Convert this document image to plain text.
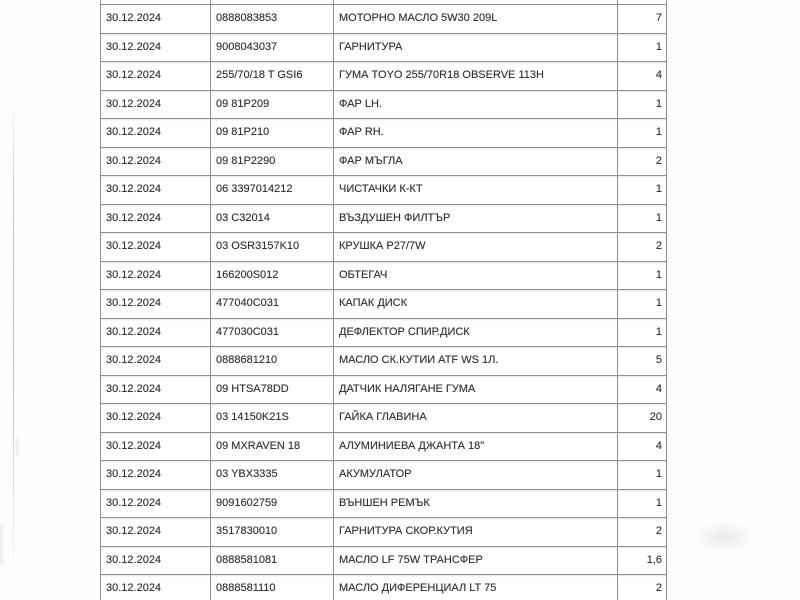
30.12.2024	0888083853	МОТОРНО МАСЛО 5W30 209L	7
30.12.2024	9008043037	ГАРНИТУРА	1
30.12.2024	255/70/18 T GSI6	ГУМА TOYO 255/70R18 OBSERVE 113H	4
30.12.2024	09 81P209	ФАР LH.	1
30.12.2024	09 81P210	ФАР RH.	1
30.12.2024	09 81P2290	ФАР МЪГЛА	2
30.12.2024	06 3397014212	ЧИСТАЧКИ К-КТ	1
30.12.2024	03 C32014	ВЪЗДУШЕН ФИЛТЪР	1
30.12.2024	03 OSR3157K10	КРУШКА P27/7W	2
30.12.2024	166200S012	ОБТЕГАЧ	1
30.12.2024	477040C031	КАПАК ДИСК	1
30.12.2024	477030C031	ДЕФЛЕКТОР СПИР.ДИСК	1
30.12.2024	0888681210	МАСЛО СК.КУТИИ ATF WS 1Л.	5
30.12.2024	09 HTSA78DD	ДАТЧИК НАЛЯГАНЕ ГУМА	4
30.12.2024	03 14150K21S	ГАЙКА ГЛАВИНА	20
30.12.2024	09 MXRAVEN 18	АЛУМИНИЕВА ДЖАНТА 18"	4
30.12.2024	03 YBX3335	АКУМУЛАТОР	1
30.12.2024	9091602759	ВЪНШЕН РЕМЪК	1
30.12.2024	3517830010	ГАРНИТУРА СКОР.КУТИЯ	2
30.12.2024	0888581081	МАСЛО LF 75W ТРАНСФЕР	1,6
30.12.2024	0888581110	МАСЛО ДИФЕРЕНЦИАЛ LT 75	2
